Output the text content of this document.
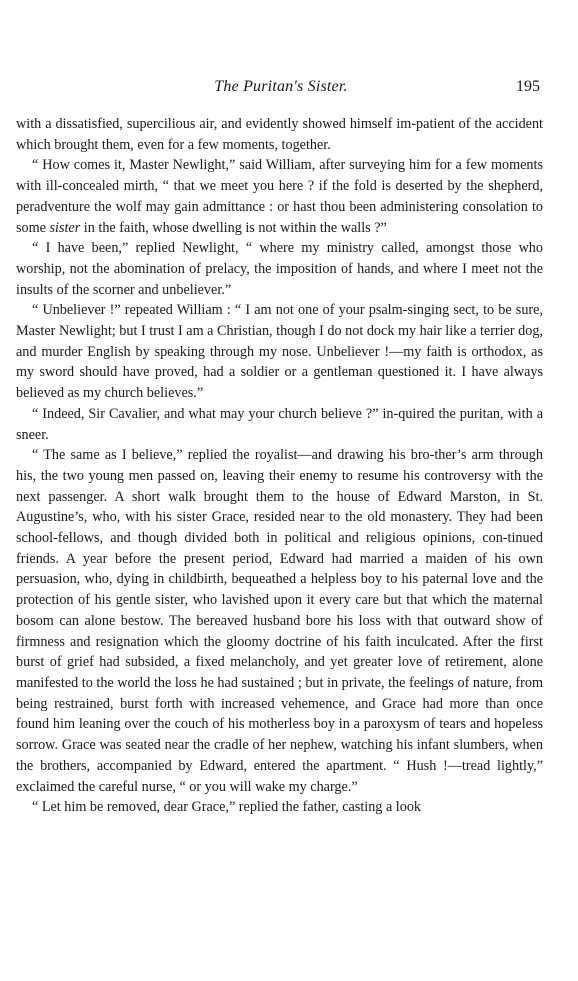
The Puritan's Sister.	195

with a dissatisfied, supercilious air, and evidently showed himself im-patient of the accident which brought them, even for a few moments, together.

“ How comes it, Master Newlight,” said William, after surveying him for a few moments with ill-concealed mirth, “ that we meet you here ? if the fold is deserted by the shepherd, peradventure the wolf may gain admittance : or hast thou been administering consolation to some sister in the faith, whose dwelling is not within the walls ?”

“ I have been,” replied Newlight, “ where my ministry called, amongst those who worship, not the abomination of prelacy, the imposition of hands, and where I meet not the insults of the scorner and unbeliever.”

“ Unbeliever !” repeated William : “ I am not one of your psalm-singing sect, to be sure, Master Newlight; but I trust I am a Christian, though I do not dock my hair like a terrier dog, and murder English by speaking through my nose. Unbeliever !—my faith is orthodox, as my sword should have proved, had a soldier or a gentleman questioned it. I have always believed as my church believes.”

“ Indeed, Sir Cavalier, and what may your church believe ?” in-quired the puritan, with a sneer.

“ The same as I believe,” replied the royalist—and drawing his bro-ther’s arm through his, the two young men passed on, leaving their enemy to resume his controversy with the next passenger. A short walk brought them to the house of Edward Marston, in St. Augustine’s, who, with his sister Grace, resided near to the old monastery. They had been school-fellows, and though divided both in political and religious opinions, con-tinued friends. A year before the present period, Edward had married a maiden of his own persuasion, who, dying in childbirth, bequeathed a helpless boy to his paternal love and the protection of his gentle sister, who lavished upon it every care but that which the maternal bosom can alone bestow. The bereaved husband bore his loss with that outward show of firmness and resignation which the gloomy doctrine of his faith inculcated. After the first burst of grief had subsided, a fixed melancholy, and yet greater love of retirement, alone manifested to the world the loss he had sustained ; but in private, the feelings of nature, from being restrained, burst forth with increased vehemence, and Grace had more than once found him leaning over the couch of his motherless boy in a paroxysm of tears and hopeless sorrow. Grace was seated near the cradle of her nephew, watching his infant slumbers, when the brothers, accompanied by Edward, entered the apartment. “ Hush !—tread lightly,” exclaimed the careful nurse, “ or you will wake my charge.”

“ Let him be removed, dear Grace,” replied the father, casting a look
